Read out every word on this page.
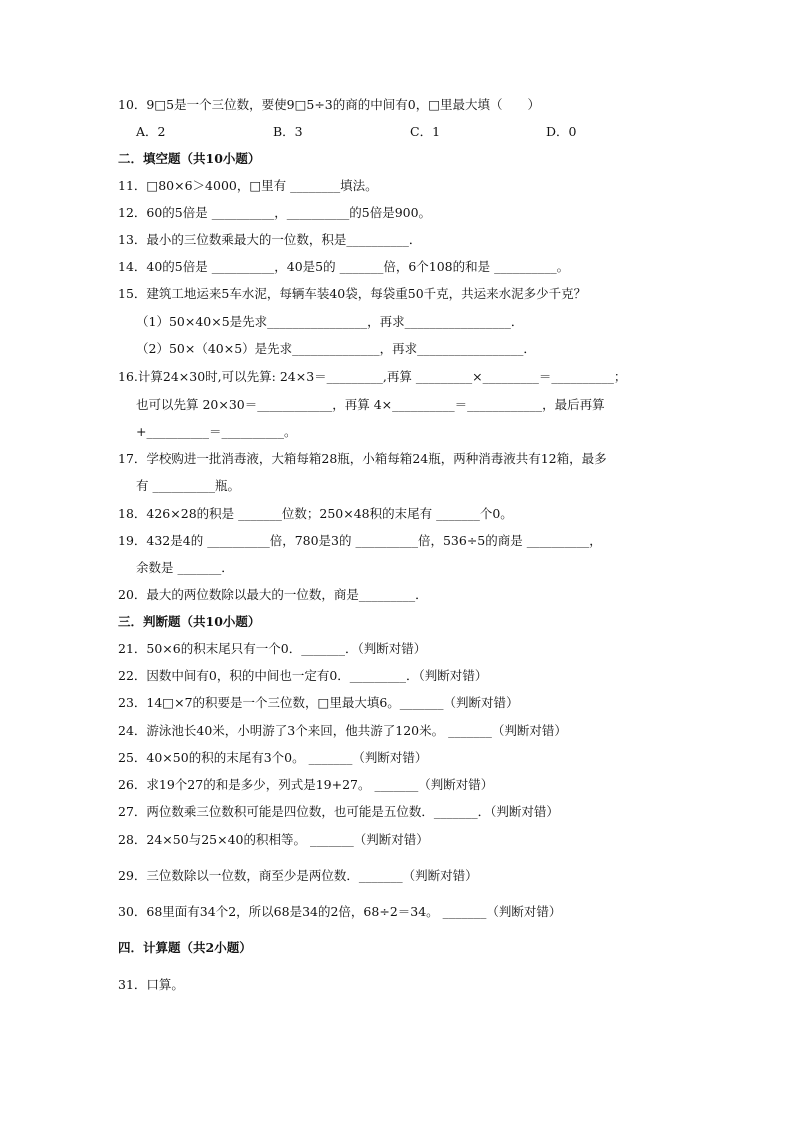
10．9□5是一个三位数，要使9□5÷3的商的中间有0，□里最大填（　　）
A．2	B．3	C．1	D．0
二．填空题（共10小题）
11．□80×6＞4000，□里有 ________填法。
12．60的5倍是 __________，__________的5倍是900。
13．最小的三位数乘最大的一位数，积是__________．
14．40的5倍是 __________，40是5的 _______倍，6个108的和是 __________。
15．建筑工地运来5车水泥，每辆车装40袋，每袋重50千克，共运来水泥多少千克？
（1）50×40×5是先求________________，再求_________________．
（2）50×（40×5）是先求______________，再求_________________．
16.计算24×30时,可以先算: 24×3＝_________,再算 _________×_________＝__________；
也可以先算 20×30＝____________，再算 4×__________＝____________，最后再算
+__________＝__________。
17．学校购进一批消毒液，大箱每箱28瓶，小箱每箱24瓶，两种消毒液共有12箱，最多
有 __________瓶。
18．426×28的积是 _______位数；250×48积的末尾有 _______个0。
19．432是4的 __________倍，780是3的 __________倍，536÷5的商是 __________，
余数是 _______．
20．最大的两位数除以最大的一位数，商是_________．
三．判断题（共10小题）
21．50×6的积末尾只有一个0．_______．（判断对错）
22．因数中间有0，积的中间也一定有0．_________．（判断对错）
23．14□×7的积要是一个三位数，□里最大填6。_______（判断对错）
24．游泳池长40米，小明游了3个来回，他共游了120米。 _______（判断对错）
25．40×50的积的末尾有3个0。 _______（判断对错）
26．求19个27的和是多少，列式是19+27。 _______（判断对错）
27．两位数乘三位数积可能是四位数，也可能是五位数．_______．（判断对错）
28．24×50与25×40的积相等。 _______（判断对错）
29．三位数除以一位数，商至少是两位数．_______（判断对错）
30．68里面有34个2，所以68是34的2倍，68÷2＝34。 _______（判断对错）
四．计算题（共2小题）
31．口算。
